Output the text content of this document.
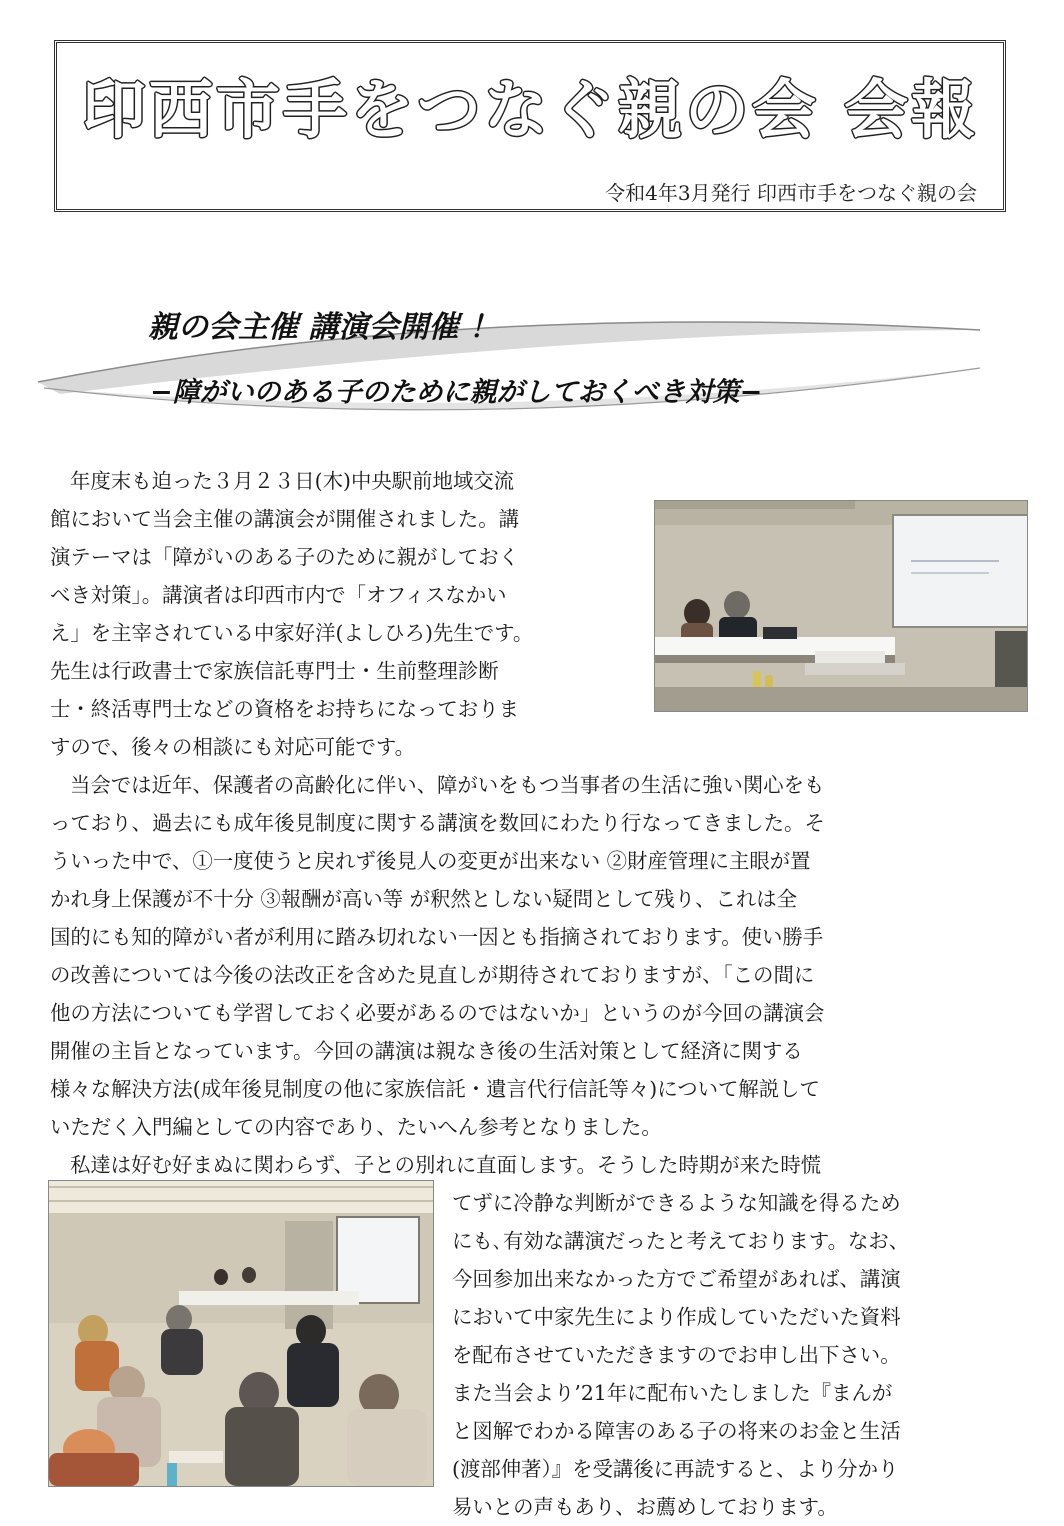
印西市手をつなぐ親の会 会報
令和4年3月発行 印西市手をつなぐ親の会
親の会主催 講演会開催 ！
−障がいのある子のために親がしておくべき対策−

年度末も迫った３月２３日(木)中央駅前地域交流

館において当会主催の講演会が開催されました。講

演テーマは「障がいのある子のために親がしておく

べき対策」。講演者は印西市内で「オフィスなかい

え」を主宰されている中家好洋(よしひろ)先生です。

先生は行政書士で家族信託専門士・生前整理診断

士・終活専門士などの資格をお持ちになっておりま

すので、後々の相談にも対応可能です。

当会では近年、保護者の高齢化に伴い、障がいをもつ当事者の生活に強い関心をも

っており、過去にも成年後見制度に関する講演を数回にわたり行なってきました。そ

ういった中で、①一度使うと戻れず後見人の変更が出来ない ②財産管理に主眼が置

かれ身上保護が不十分 ③報酬が高い等 が釈然としない疑問として残り、これは全

国的にも知的障がい者が利用に踏み切れない一因とも指摘されております。使い勝手

の改善については今後の法改正を含めた見直しが期待されておりますが、「この間に

他の方法についても学習しておく必要があるのではないか」というのが今回の講演会

開催の主旨となっています。今回の講演は親なき後の生活対策として経済に関する

様々な解決方法(成年後見制度の他に家族信託・遺言代行信託等々)について解説して

いただく入門編としての内容であり、たいへん参考となりました。

私達は好む好まぬに関わらず、子との別れに直面します。そうした時期が来た時慌

てずに冷静な判断ができるような知識を得るため

にも､有効な講演だったと考えております。なお、

今回参加出来なかった方でご希望があれば、講演

において中家先生により作成していただいた資料

を配布させていただきますのでお申し出下さい。

また当会より’21年に配布いたしました『まんが

と図解でわかる障害のある子の将来のお金と生活

(渡部伸著）』を受講後に再読すると、より分かり

易いとの声もあり、お薦めしております。
